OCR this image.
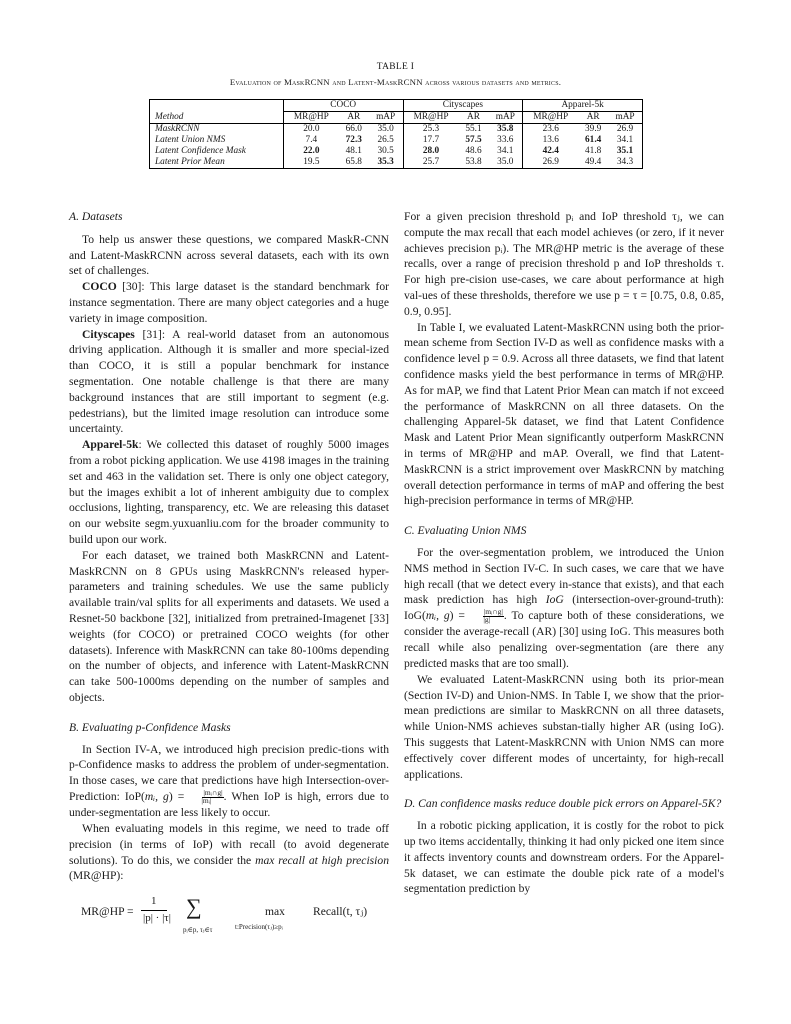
TABLE I
Evaluation of MaskRCNN and Latent-MaskRCNN across various datasets and metrics.
	COCO			Cityscapes			Apparel-5k		
Method	MR@HP	AR	mAP	MR@HP	AR	mAP	MR@HP	AR	mAP
MaskRCNN	20.0	66.0	35.0	25.3	55.1	35.8	23.6	39.9	26.9
Latent Union NMS	7.4	72.3	26.5	17.7	57.5	33.6	13.6	61.4	34.1
Latent Confidence Mask	22.0	48.1	30.5	28.0	48.6	34.1	42.4	41.8	35.1
Latent Prior Mean	19.5	65.8	35.3	25.7	53.8	35.0	26.9	49.4	34.3
A. Datasets

To help us answer these questions, we compared MaskR-CNN and Latent-MaskRCNN across several datasets, each with its own set of challenges.

COCO [30]: This large dataset is the standard benchmark for instance segmentation. There are many object categories and a huge variety in image composition.

Cityscapes [31]: A real-world dataset from an autonomous driving application. Although it is smaller and more special-ized than COCO, it is still a popular benchmark for instance segmentation. One notable challenge is that there are many background instances that are still important to segment (e.g. pedestrians), but the limited image resolution can introduce some uncertainty.

Apparel-5k: We collected this dataset of roughly 5000 images from a robot picking application. We use 4198 images in the training set and 463 in the validation set. There is only one object category, but the images exhibit a lot of inherent ambiguity due to complex occlusions, lighting, transparency, etc. We are releasing this dataset on our website segm.yuxuanliu.com for the broader community to build upon our work.

For each dataset, we trained both MaskRCNN and Latent-MaskRCNN on 8 GPUs using MaskRCNN's released hyper-parameters and training schedules. We use the same publicly available train/val splits for all experiments and datasets. We used a Resnet-50 backbone [32], initialized from pretrained-Imagenet [33] weights (for COCO) or pretrained COCO weights (for other datasets). Inference with MaskRCNN can take 80-100ms depending on the number of objects, and inference with Latent-MaskRCNN can take 500-1000ms depending on the number of samples and objects.

B. Evaluating p-Confidence Masks

In Section IV-A, we introduced high precision predic-tions with p-Confidence masks to address the problem of under-segmentation. In those cases, we care that predictions have high Intersection-over-Prediction: IoP(mᵢ, $g) = \frac{\text{|mᵢ∩g|}}{\text{|mᵢ|}}$. When IoP is high, errors due to under-segmentation are less likely to occur.

When evaluating models in this regime, we need to trade off precision (in terms of IoP) with recall (to avoid degenerate solutions). To do this, we consider the max recall at high precision (MR@HP):

MR@HP =
1
|p| · |τ| ∑
pᵢ∈p, τⱼ∈τ
max
t:Precision(τⱼ)≥pᵢ
Recall(t, τⱼ)

For a given precision threshold pᵢ and IoP threshold τⱼ, we can compute the max recall that each model achieves (or zero, if it never achieves precision pᵢ). The MR@HP metric is the average of these recalls, over a range of precision threshold p and IoP thresholds τ. For high pre-cision use-cases, we care about performance at high val-ues of these thresholds, therefore we use p = τ = [0.75, 0.8, 0.85, 0.9, 0.95].

In Table I, we evaluated Latent-MaskRCNN using both the prior-mean scheme from Section IV-D as well as confidence masks with a confidence level p = 0.9. Across all three datasets, we find that latent confidence masks yield the best performance in terms of MR@HP. As for mAP, we find that Latent Prior Mean can match if not exceed the performance of MaskRCNN on all three datasets. On the challenging Apparel-5k dataset, we find that Latent Confidence Mask and Latent Prior Mean significantly outperform MaskRCNN in terms of MR@HP and mAP. Overall, we find that Latent-MaskRCNN is a strict improvement over MaskRCNN by matching overall detection performance in terms of mAP and offering the best high-precision performance in terms of MR@HP.

C. Evaluating Union NMS

For the over-segmentation problem, we introduced the Union NMS method in Section IV-C. In such cases, we care that we have high recall (that we detect every in-stance that exists), and that each mask prediction has high IoG (intersection-over-ground-truth): IoG(mᵢ, $g) = \frac{\text{|mᵢ∩g|}}{|g|}$. To capture both of these considerations, we consider the average-recall (AR) [30] using IoG. This measures both recall while also penalizing over-segmentation (are there any predicted masks that are too small).

We evaluated Latent-MaskRCNN using both its prior-mean (Section IV-D) and Union-NMS. In Table I, we show that the prior-mean predictions are similar to MaskRCNN on all three datasets, while Union-NMS achieves substan-tially higher AR (using IoG). This suggests that Latent-MaskRCNN with Union NMS can more effectively cover different modes of uncertainty, for high-recall applications.

D. Can confidence masks reduce double pick errors on Apparel-5K?

In a robotic picking application, it is costly for the robot to pick up two items accidentally, thinking it had only picked one item since it affects inventory counts and downstream orders. For the Apparel-5k dataset, we can estimate the double pick rate of a model's segmentation prediction by
